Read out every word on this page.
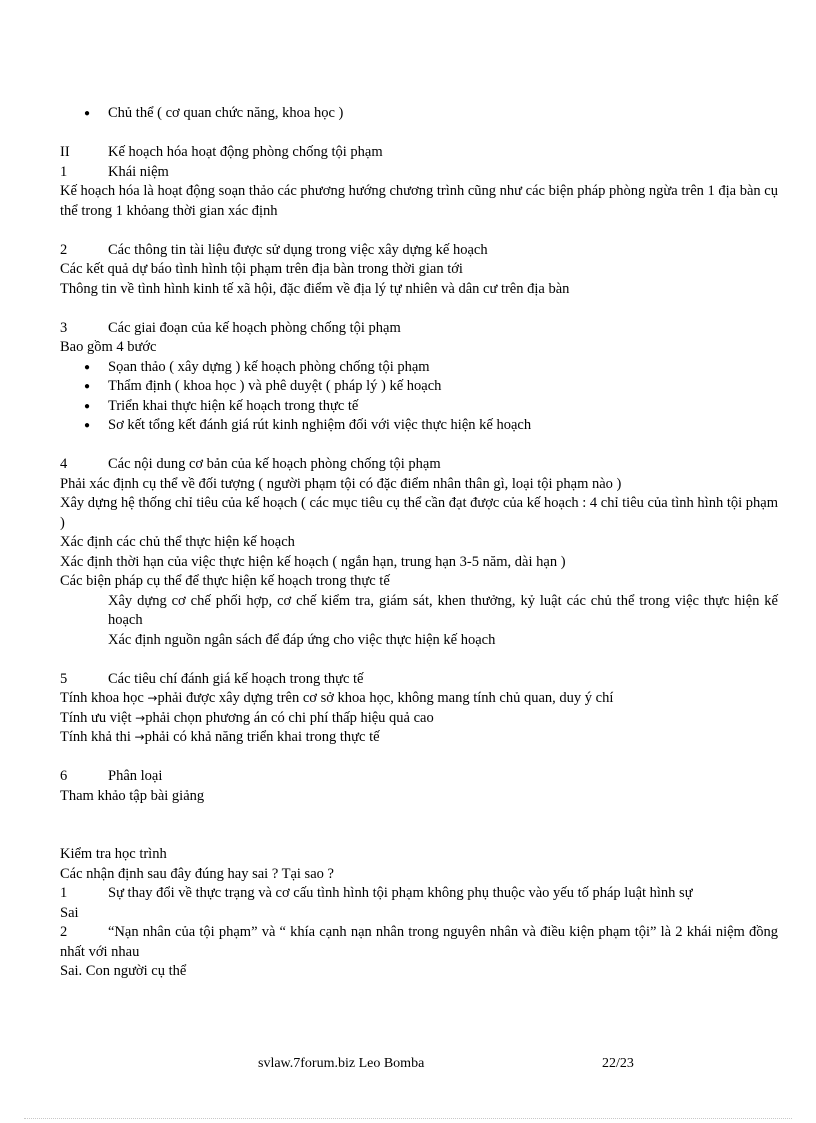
● Chủ thể ( cơ quan chức năng, khoa học )
II	Kế hoạch hóa hoạt động phòng chống tội phạm
1	Khái niệm
Kế hoạch hóa là hoạt động soạn thảo các phương hướng chương trình cũng như các biện pháp phòng ngừa trên 1 địa bàn cụ thể trong 1 khỏang thời gian xác định
2	Các thông tin tài liệu được sử dụng trong việc xây dựng kế hoạch
Các kết quả dự báo tình hình tội phạm trên địa bàn trong thời gian tới
Thông tin về tình hình kinh tế xã hội, đặc điểm về địa lý tự nhiên và dân cư trên địa bàn
3	Các giai đoạn của kế hoạch phòng chống tội phạm
Bao gồm 4 bước
● Sọan thảo ( xây dựng ) kế hoạch phòng chống tội phạm
● Thẩm định ( khoa học ) và phê duyệt ( pháp lý ) kế hoạch
● Triển khai thực hiện kế hoạch trong thực tế
● Sơ kết tổng kết đánh giá rút kinh nghiệm đối với việc thực hiện kế hoạch
4	Các nội dung cơ bản của kế hoạch phòng chống tội phạm
Phải xác định cụ thể về đối tượng ( người phạm tội có đặc điểm nhân thân gì, loại tội phạm nào )
Xây dựng hệ thống chỉ tiêu của kế hoạch ( các mục tiêu cụ thể cần đạt được của kế hoạch : 4 chỉ tiêu của tình hình tội phạm )
Xác định các chủ thể thực hiện kế hoạch
Xác định thời hạn của việc thực hiện kế hoạch ( ngắn hạn, trung hạn 3-5 năm, dài hạn )
Các biện pháp cụ thể để thực hiện kế hoạch trong thực tế
Xây dựng cơ chế phối hợp, cơ chế kiểm tra, giám sát, khen thưởng, kỷ luật các chủ thể trong việc thực hiện kế hoạch
Xác định nguồn ngân sách để đáp ứng cho việc thực hiện kế hoạch
5	Các tiêu chí đánh giá kế hoạch trong thực tế
Tính khoa học →phải được xây dựng trên cơ sở khoa học, không mang tính chủ quan, duy ý chí
Tính ưu việt →phải chọn phương án có chi phí thấp hiệu quả cao
Tính khả thi →phải có khả năng triển khai trong thực tế
6	Phân loại
Tham khảo tập bài giảng
Kiểm tra học trình
Các nhận định sau đây đúng hay sai ? Tại sao ?
1	Sự thay đổi về thực trạng và cơ cấu tình hình tội phạm không phụ thuộc vào yếu tố pháp luật hình sự
Sai
2	“Nạn nhân của tội phạm” và “ khía cạnh nạn nhân trong nguyên nhân và điều kiện phạm tội” là 2 khái niệm đồng nhất với nhau
Sai. Con người cụ thể
svlaw.7forum.biz Leo Bomba	22/23
